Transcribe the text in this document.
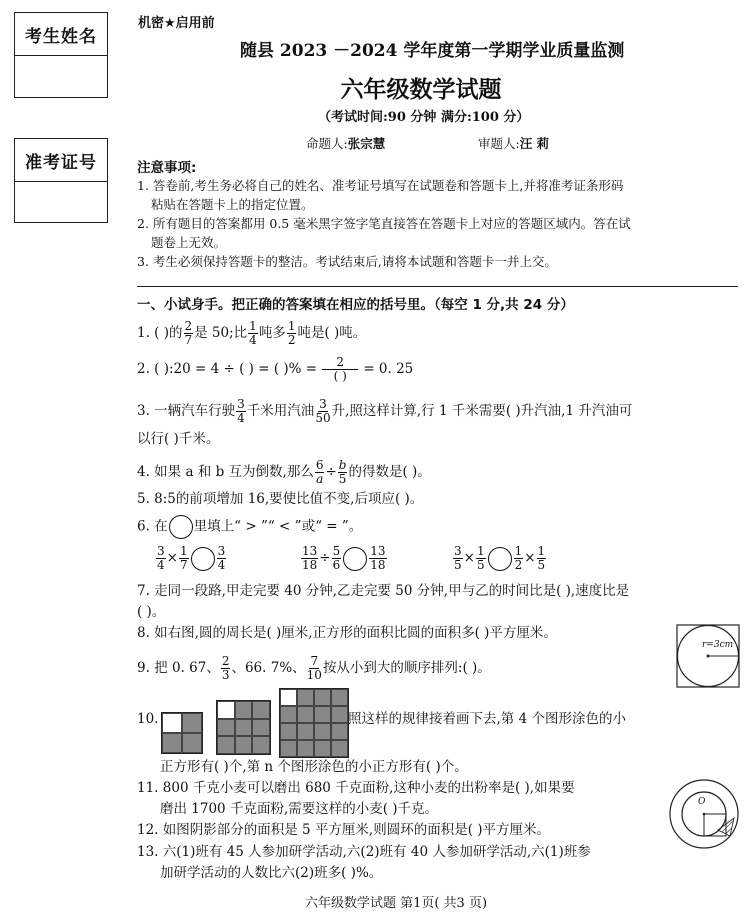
考生姓名
准考证号
机密★启用前
随县 2023 －2024 学年度第一学期学业质量监测
六年级数学试题
（考试时间:90 分钟 满分:100 分）
命题人:张宗慧	审题人:汪 莉
注意事项:
1. 答卷前,考生务必将自己的姓名、准考证号填写在试题卷和答题卡上,并将准考证条形码
粘贴在答题卡上的指定位置。
2. 所有题目的答案都用 0.5 毫米黑字签字笔直接答在答题卡上对应的答题区域内。答在试
题卷上无效。
3. 考生必须保持答题卡的整洁。考试结束后,请将本试题和答题卡一并上交。
一、小试身手。把正确的答案填在相应的括号里。（每空 1 分,共 24 分）
1. ( )的 $\frac{2}{7}$ 是 50;比 $\frac{1}{4}$ 吨多 $\frac{1}{2}$ 吨是( )吨。
2. ( ):20 = 4 ÷ ( ) = ( )% = $\frac{2}{( )} = 0$. 25
3. 一辆汽车行驶 $\frac{3}{4}$ 千米用汽油 $\frac{3}{50}$ 升,照这样计算,行 1 千米需要( )升汽油,1 升汽油可
以行( )千米。
4. 如果 a 和 b 互为倒数,那么 $\frac{6}{a} \div \frac{b}{5}$ 的得数是( )。
5. 8:5的前项增加 16,要使比值不变,后项应( )。
6. 在 里填上“ > ”“ < ”或“ = ”。
$\frac{3}{4} \times \frac{1}{7} \frac{3}{4}$	$\frac{13}{18} \div \frac{5}{6} \frac{13}{18}$	$\frac{3}{5} \times \frac{1}{5} \frac{1}{2} \times \frac{1}{5}$
7. 走同一段路,甲走完要 40 分钟,乙走完要 50 分钟,甲与乙的时间比是( ),速度比是
( )。
8. 如右图,圆的周长是( )厘米,正方形的面积比圆的面积多( )平方厘米。
r=3cm
9. 把 0. 67、 $\frac{2}{3}$ 、66. 7%、 $\frac{7}{10}$ 按从小到大的顺序排列:( )。
10.	照这样的规律接着画下去,第 4 个图形涂色的小
正方形有( )个,第 n 个图形涂色的小正方形有( )个。
11. 800 千克小麦可以磨出 680 千克面粉,这种小麦的出粉率是( ),如果要
磨出 1700 千克面粉,需要这样的小麦( )千克。	O
12. 如图阴影部分的面积是 5 平方厘米,则圆环的面积是( )平方厘米。
13. 六(1)班有 45 人参加研学活动,六(2)班有 40 人参加研学活动,六(1)班参
加研学活动的人数比六(2)班多( )%。
六年级数学试题 第1页( 共3 页)
